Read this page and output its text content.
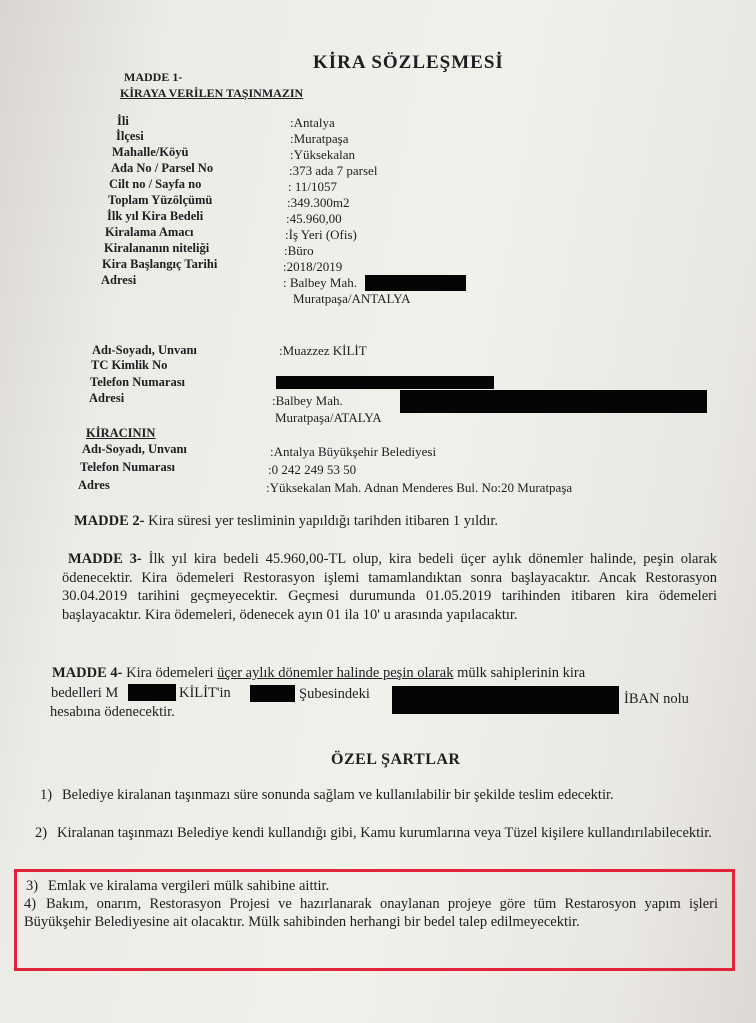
KİRA SÖZLEŞMESİ
MADDE 1-
KİRAYA VERİLEN TAŞINMAZIN
İli	:Antalya
İlçesi	:Muratpaşa
Mahalle/Köyü	:Yüksekalan
Ada No / Parsel No	:373 ada 7 parsel
Cilt no / Sayfa no	: 11/1057
Toplam Yüzölçümü	:349.300m2
İlk yıl Kira Bedeli	:45.960,00
Kiralama Amacı	:İş Yeri (Ofis)
Kiralananın niteliği	:Büro
Kira Başlangıç Tarihi	:2018/2019
Adresi	: Balbey Mah.
Muratpaşa/ANTALYA
Adı-Soyadı, Unvanı	:Muazzez KİLİT
TC Kimlik No
Telefon Numarası
Adresi	:Balbey Mah.
Muratpaşa/ATALYA
KİRACININ
Adı-Soyadı, Unvanı	:Antalya Büyükşehir Belediyesi
Telefon Numarası	:0 242 249 53 50
Adres	:Yüksekalan Mah. Adnan Menderes Bul. No:20 Muratpaşa
MADDE 2- Kira süresi yer tesliminin yapıldığı tarihden itibaren 1 yıldır.
MADDE 3- İlk yıl kira bedeli 45.960,00-TL olup, kira bedeli üçer aylık dönemler halinde, peşin olarak ödenecektir. Kira ödemeleri Restorasyon işlemi tamamlandıktan sonra başlayacaktır. Ancak Restorasyon 30.04.2019 tarihini geçmeyecektir. Geçmesi durumunda 01.05.2019 tarihinden itibaren kira ödemeleri başlayacaktır. Kira ödemeleri, ödenecek ayın 01 ila 10' u arasında yapılacaktır.
MADDE 4- Kira ödemeleri üçer aylık dönemler halinde peşin olarak mülk sahiplerinin kira
bedelleri M	KİLİT'in	Şubesindeki	İBAN nolu
hesabına ödenecektir.
ÖZEL ŞARTLAR
1) Belediye kiralanan taşınmazı süre sonunda sağlam ve kullanılabilir bir şekilde teslim edecektir.
2) Kiralanan taşınmazı Belediye kendi kullandığı gibi, Kamu kurumlarına veya Tüzel kişilere kullandırılabilecektir.
3) Emlak ve kiralama vergileri mülk sahibine aittir.
4) Bakım, onarım, Restorasyon Projesi ve hazırlanarak onaylanan projeye göre tüm Restarosyon yapım işleri Büyükşehir Belediyesine ait olacaktır. Mülk sahibinden herhangi bir bedel talep edilmeyecektir.
